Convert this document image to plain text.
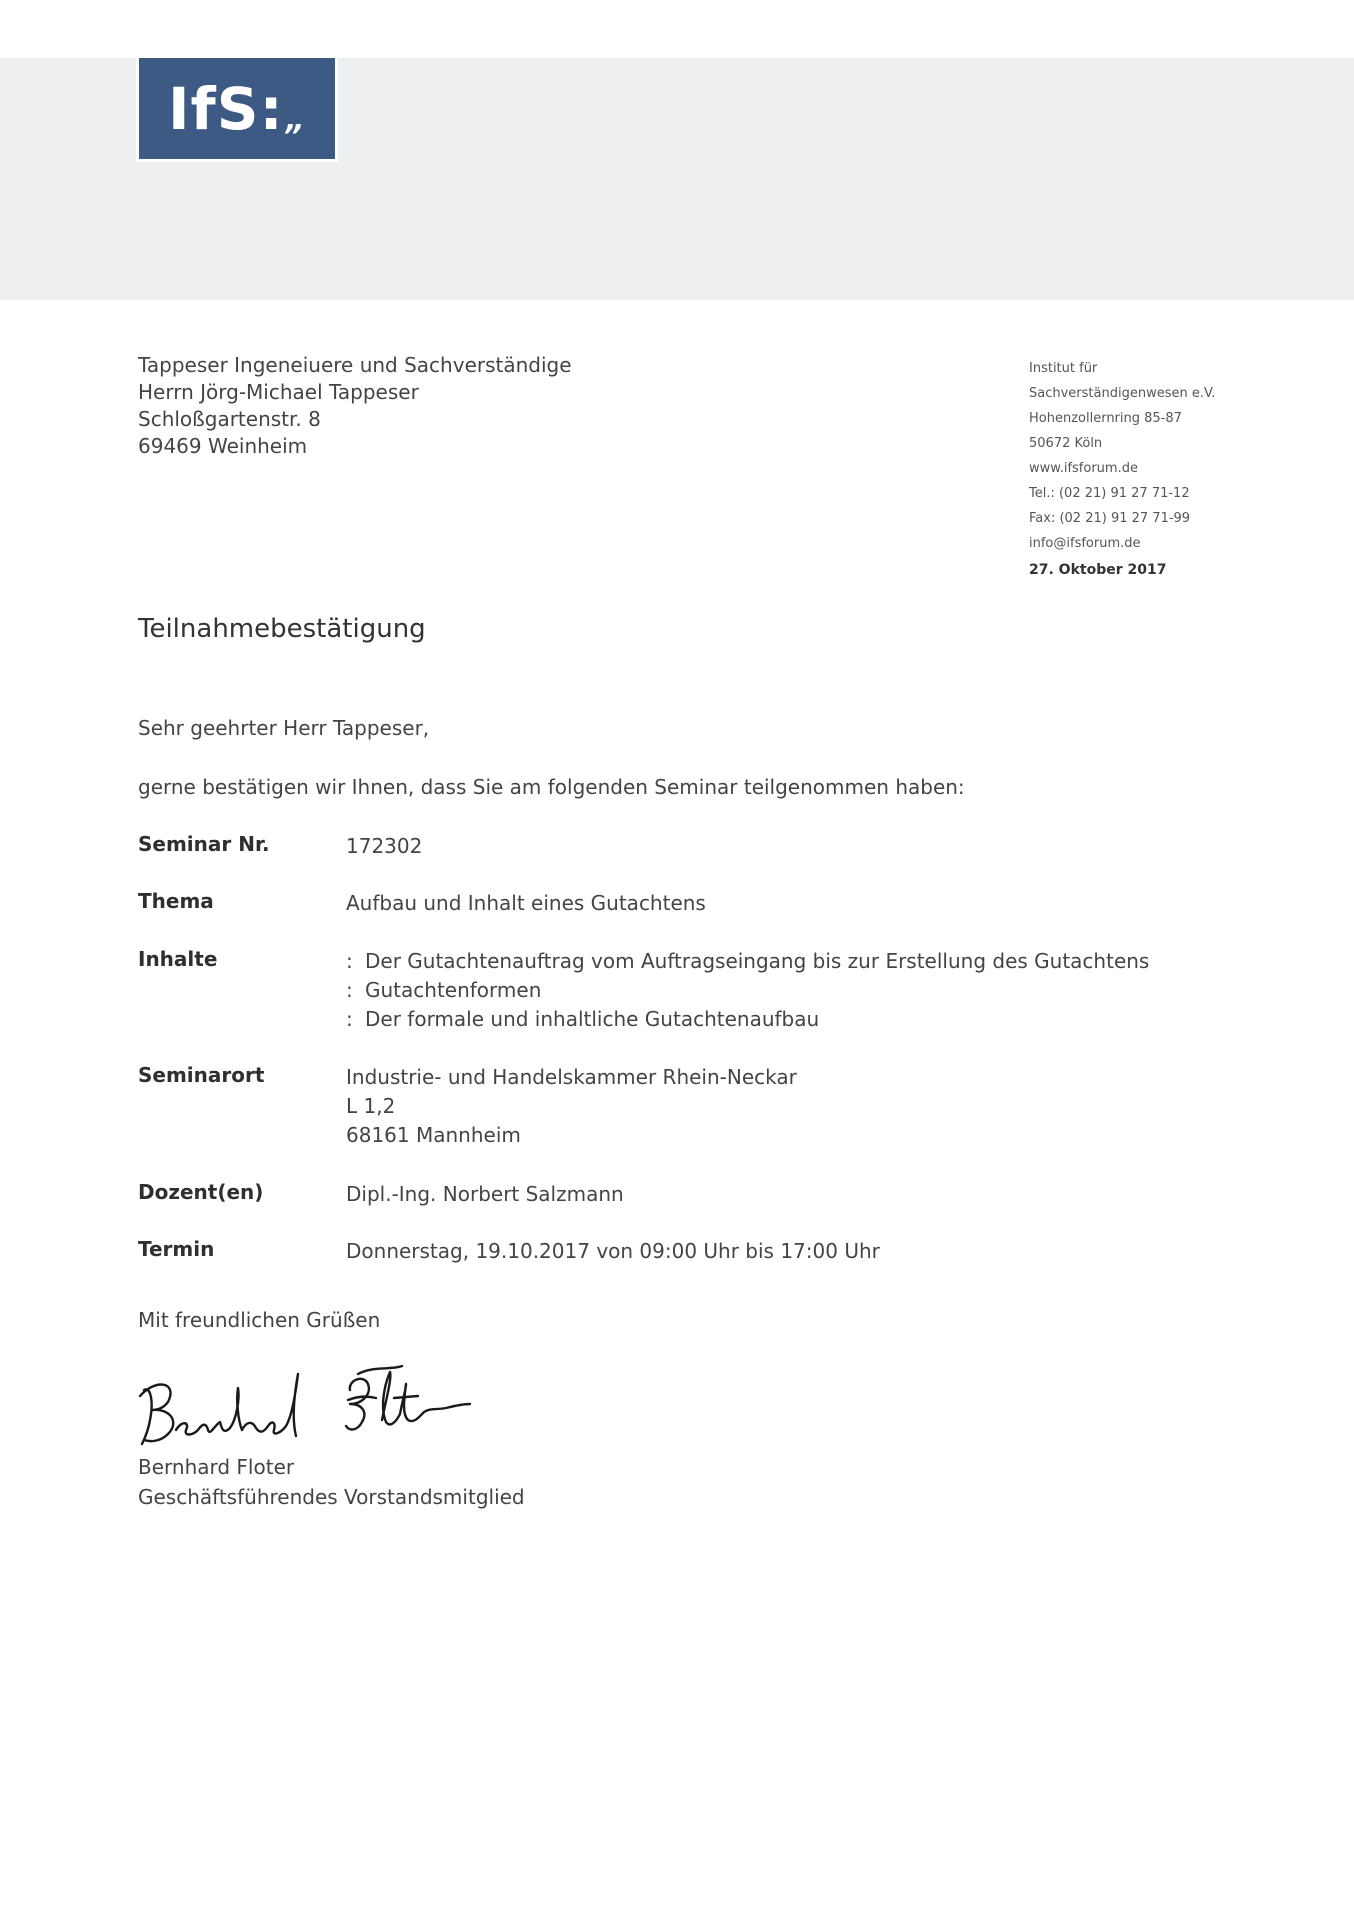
IfS : „
Tappeser Ingeneiuere und Sachverständige
Herrn Jörg-Michael Tappeser
Schloßgartenstr. 8
69469 Weinheim
Institut für
Sachverständigenwesen e.V.
Hohenzollernring 85-87
50672 Köln
www.ifsforum.de
Tel.: (02 21) 91 27 71-12
Fax: (02 21) 91 27 71-99
info@ifsforum.de
27. Oktober 2017
Teilnahmebestätigung
Sehr geehrter Herr Tappeser,
gerne bestätigen wir Ihnen, dass Sie am folgenden Seminar teilgenommen haben:
Seminar Nr.	172302
Thema	Aufbau und Inhalt eines Gutachtens
Inhalte	: Der Gutachtenauftrag vom Auftragseingang bis zur Erstellung des Gutachtens
: Gutachtenformen
: Der formale und inhaltliche Gutachtenaufbau
Seminarort	Industrie- und Handelskammer Rhein-Neckar
L 1,2
68161 Mannheim
Dozent(en)	Dipl.-Ing. Norbert Salzmann
Termin	Donnerstag, 19.10.2017 von 09:00 Uhr bis 17:00 Uhr
Mit freundlichen Grüßen
Bernhard Floter
Geschäftsführendes Vorstandsmitglied
